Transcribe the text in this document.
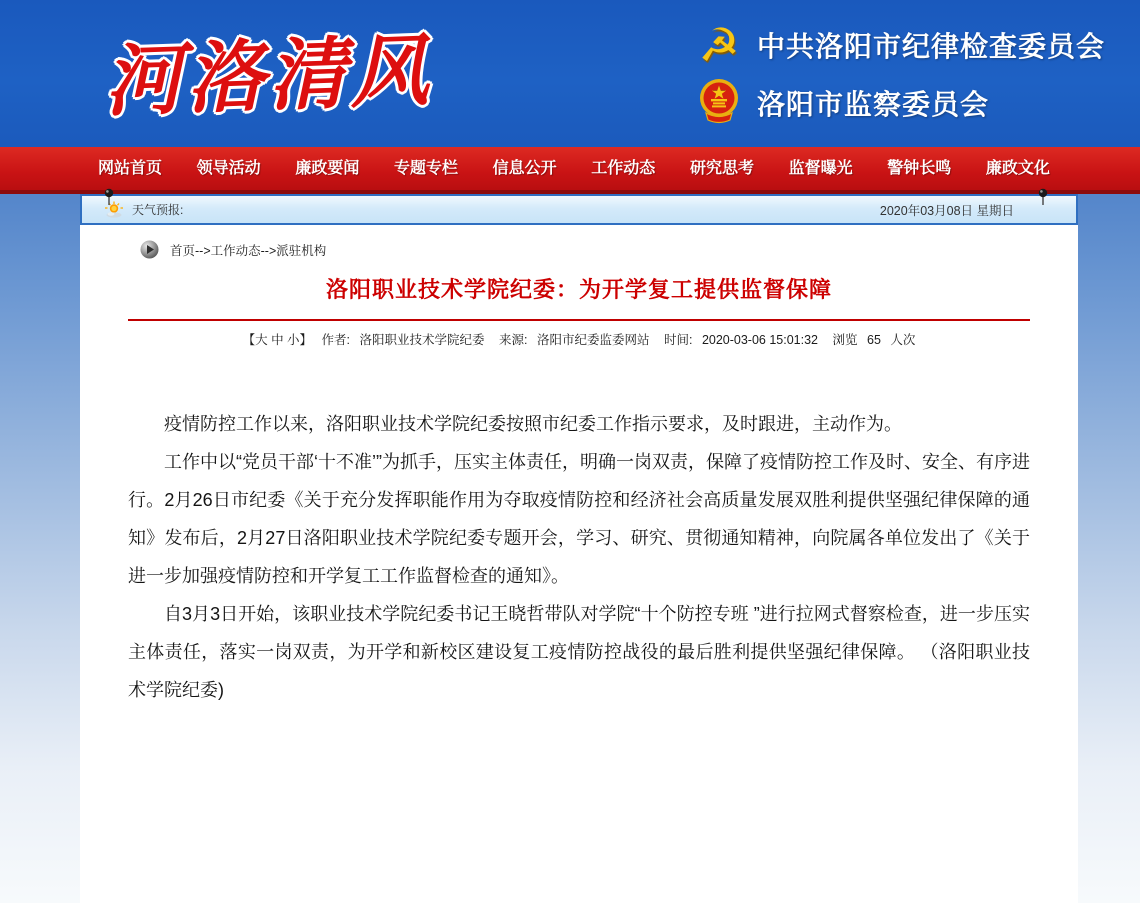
河洛清风	☭ 中共洛阳市纪律检查委员会
洛阳市监察委员会
网站首页 领导活动 廉政要闻 专题专栏 信息公开 工作动态 研究思考 监督曝光 警钟长鸣 廉政文化
天气预报:	2020年03月08日 星期日
首页-->工作动态-->派驻机构
洛阳职业技术学院纪委：为开学复工提供监督保障
【大 中 小】 作者: 洛阳职业技术学院纪委 来源: 洛阳市纪委监委网站 时间: 2020-03-06 15:01:32 浏览 65 人次

疫情防控工作以来，洛阳职业技术学院纪委按照市纪委工作指示要求，及时跟进，主动作为。

工作中以“党员干部‘十不准’”为抓手，压实主体责任，明确一岗双责，保障了疫情防控工作及时、安全、有序进行。2月26日市纪委《关于充分发挥职能作用为夺取疫情防控和经济社会高质量发展双胜利提供坚强纪律保障的通知》发布后，2月27日洛阳职业技术学院纪委专题开会，学习、研究、贯彻通知精神，向院属各单位发出了《关于进一步加强疫情防控和开学复工工作监督检查的通知》。

自3月3日开始，该职业技术学院纪委书记王晓哲带队对学院“十个防控专班 ”进行拉网式督察检查，进一步压实主体责任，落实一岗双责，为开学和新校区建设复工疫情防控战役的最后胜利提供坚强纪律保障。 （洛阳职业技术学院纪委)
